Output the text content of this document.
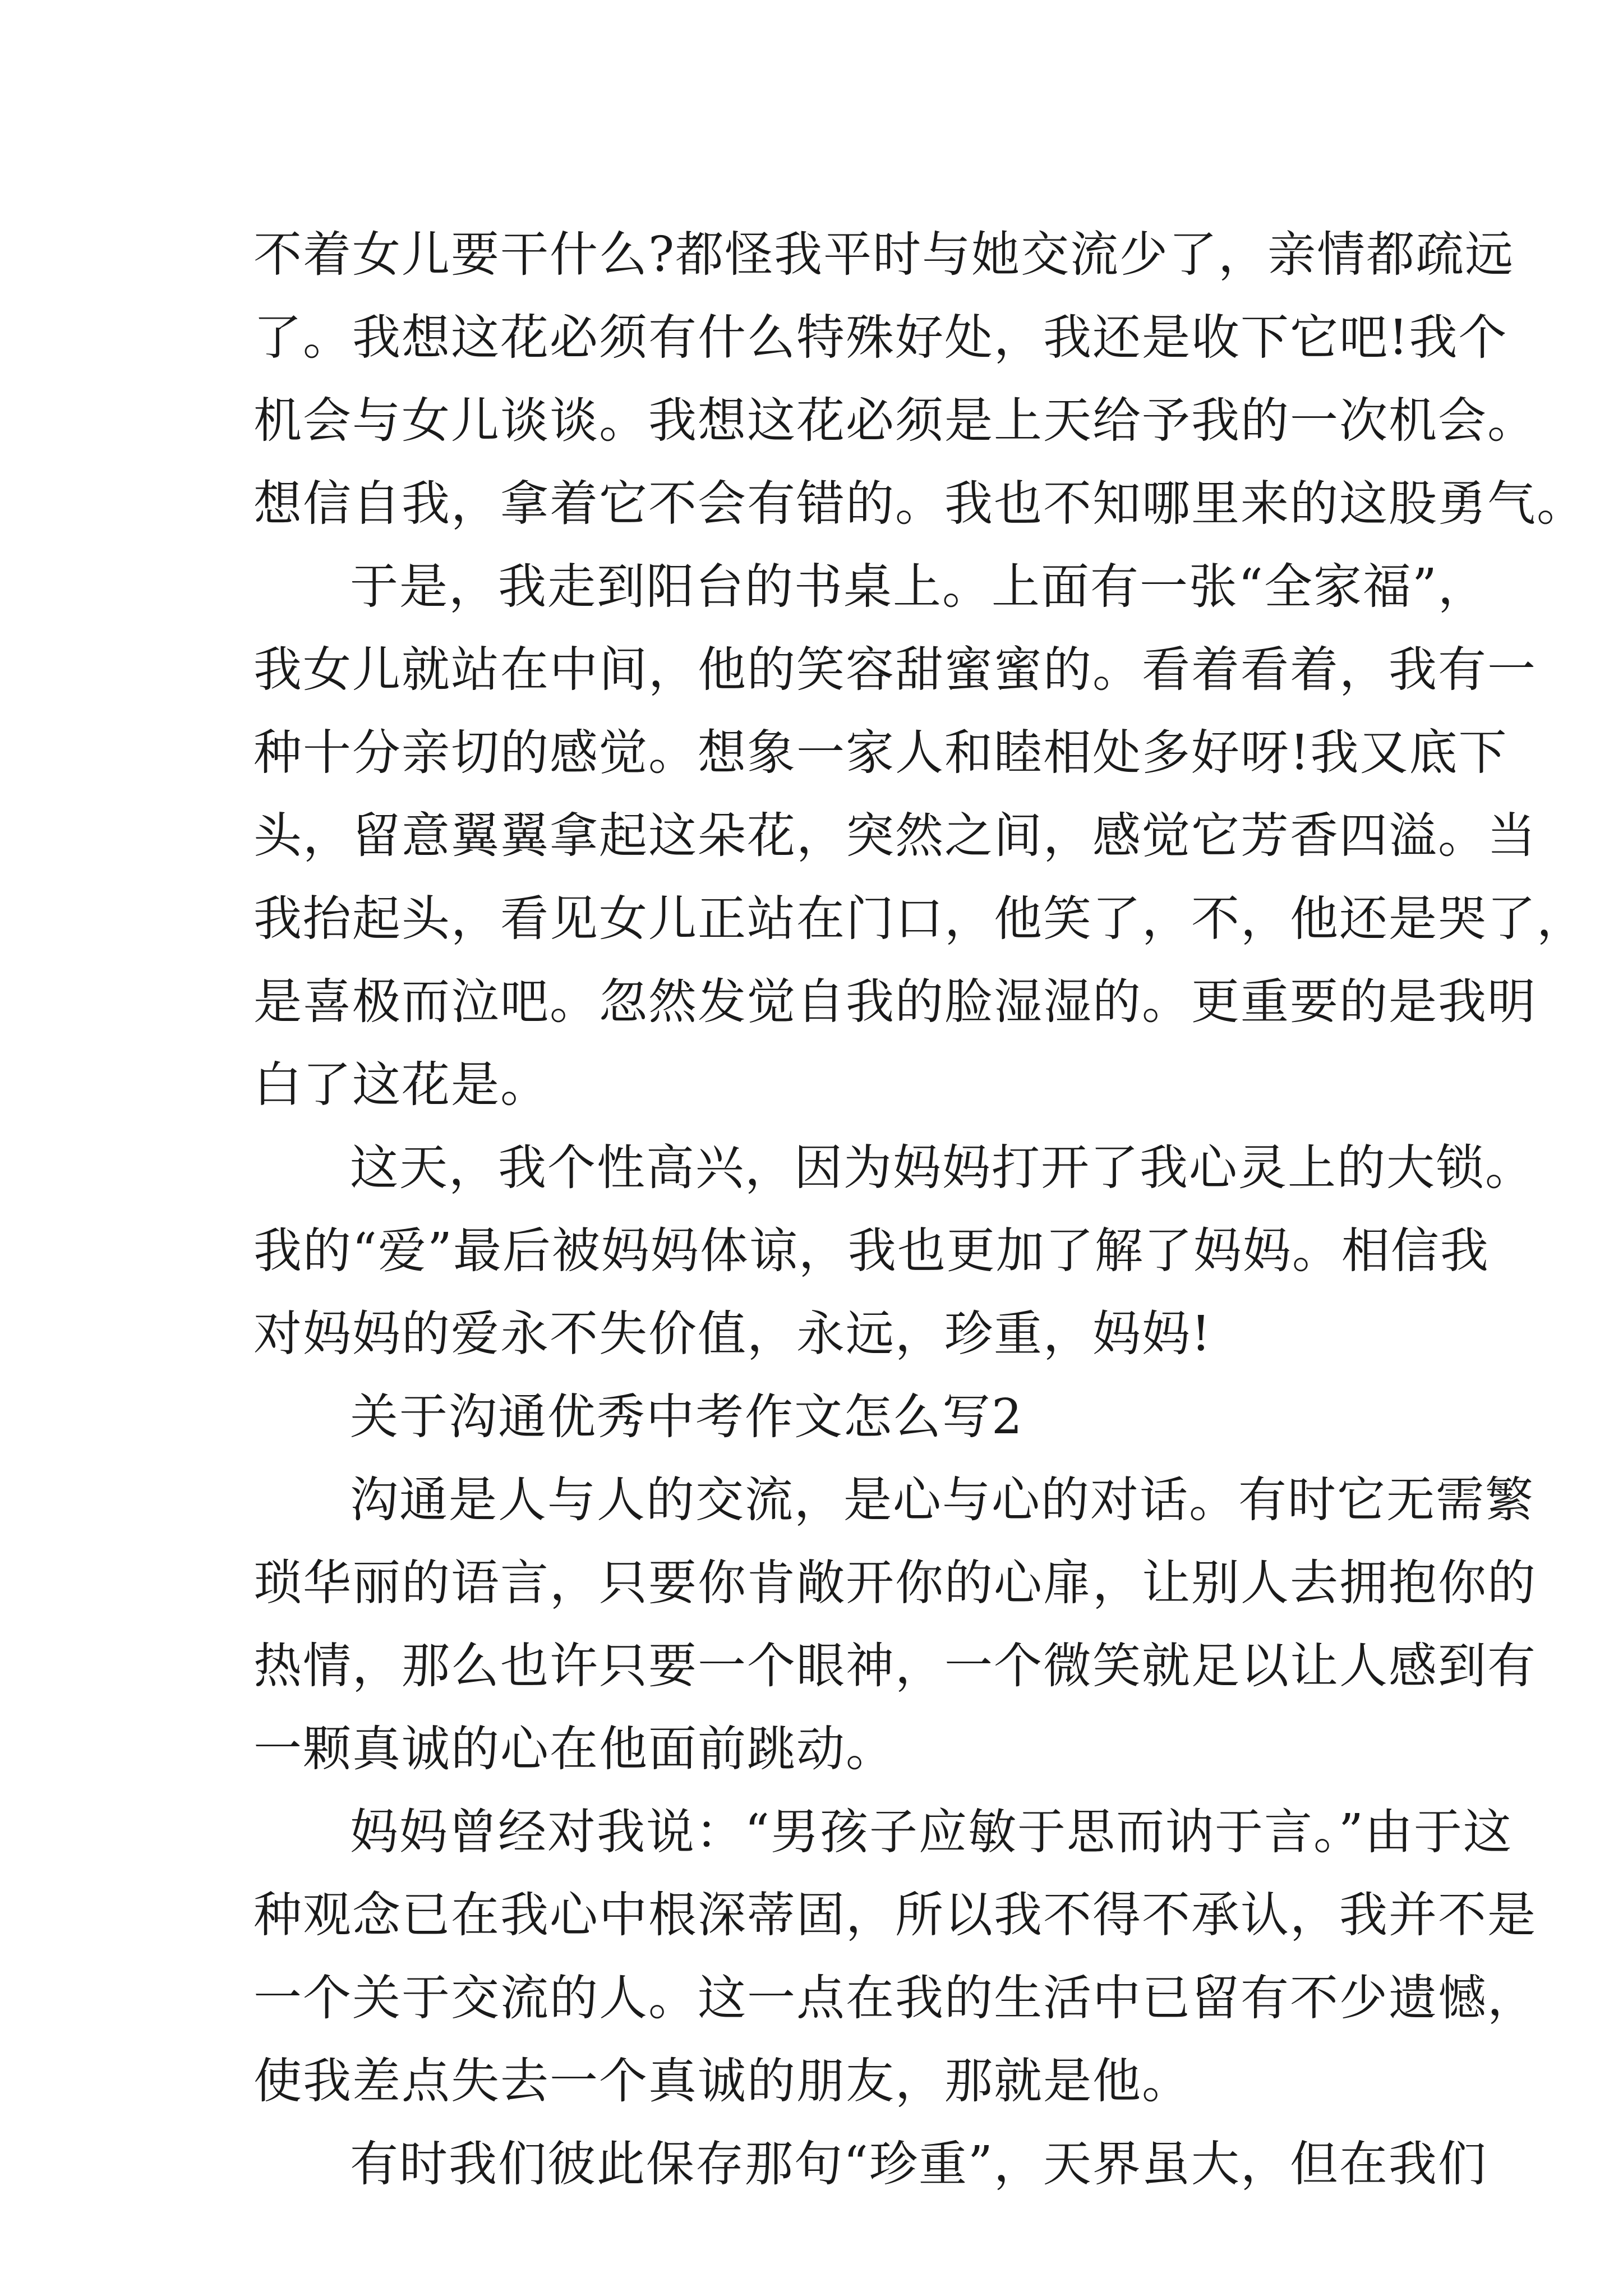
不着女儿要干什么?都怪我平时与她交流少了，亲情都疏远
了。我想这花必须有什么特殊好处，我还是收下它吧!我个
机会与女儿谈谈。我想这花必须是上天给予我的一次机会。
想信自我，拿着它不会有错的。我也不知哪里来的这股勇气。
于是，我走到阳台的书桌上。上面有一张“全家福”，
我女儿就站在中间，他的笑容甜蜜蜜的。看着看着，我有一
种十分亲切的感觉。想象一家人和睦相处多好呀!我又底下
头，留意翼翼拿起这朵花，突然之间，感觉它芳香四溢。当
我抬起头，看见女儿正站在门口，他笑了，不，他还是哭了，
是喜极而泣吧。忽然发觉自我的脸湿湿的。更重要的是我明
白了这花是。
这天，我个性高兴，因为妈妈打开了我心灵上的大锁。
我的“爱”最后被妈妈体谅，我也更加了解了妈妈。相信我
对妈妈的爱永不失价值，永远，珍重，妈妈!
关于沟通优秀中考作文怎么写2
沟通是人与人的交流，是心与心的对话。有时它无需繁
琐华丽的语言，只要你肯敞开你的心扉，让别人去拥抱你的
热情，那么也许只要一个眼神，一个微笑就足以让人感到有
一颗真诚的心在他面前跳动。
妈妈曾经对我说：“男孩子应敏于思而讷于言。”由于这
种观念已在我心中根深蒂固，所以我不得不承认，我并不是
一个关于交流的人。这一点在我的生活中已留有不少遗憾，
使我差点失去一个真诚的朋友，那就是他。
有时我们彼此保存那句“珍重”，天界虽大，但在我们
